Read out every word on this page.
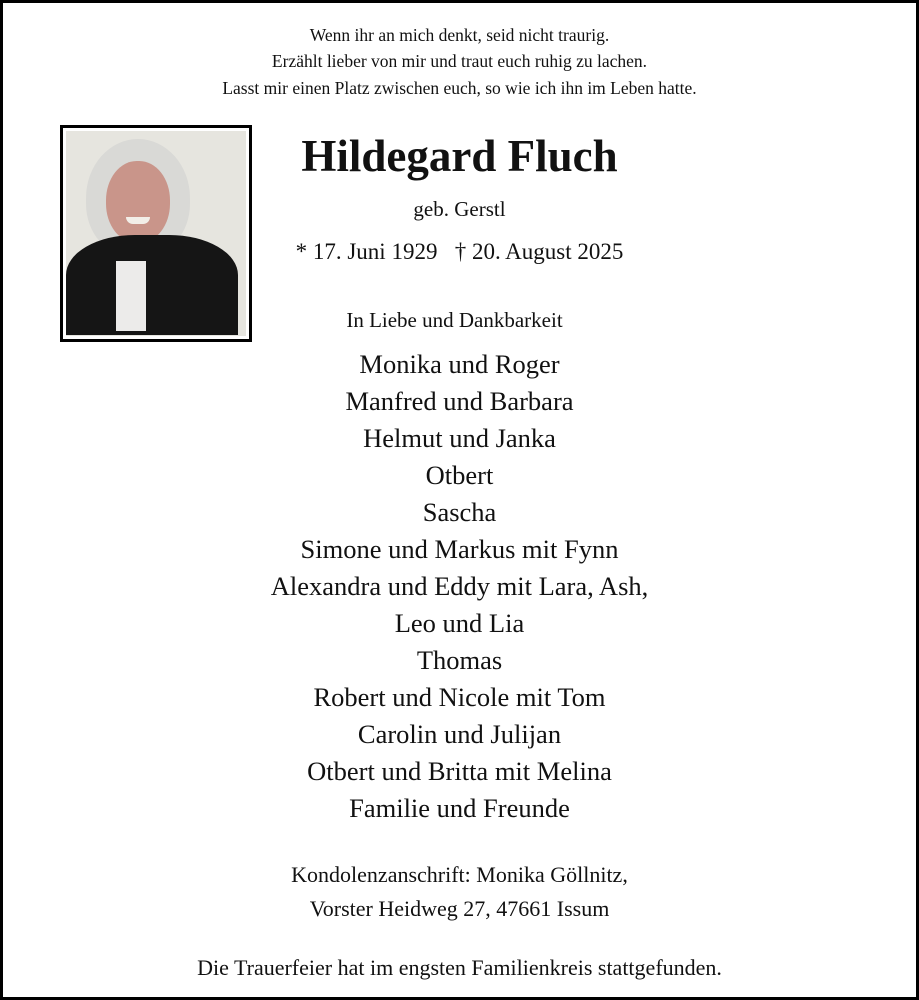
Wenn ihr an mich denkt, seid nicht traurig.
Erzählt lieber von mir und traut euch ruhig zu lachen.
Lasst mir einen Platz zwischen euch, so wie ich ihn im Leben hatte.
Hildegard Fluch
geb. Gerstl
* 17. Juni 1929   † 20. August 2025
In Liebe und Dankbarkeit
Kondolenzanschrift: Monika Göllnitz,
Vorster Heidweg 27, 47661 Issum
Die Trauerfeier hat im engsten Familienkreis stattgefunden.
Monika und Roger
Manfred und Barbara
Helmut und Janka
Otbert
Sascha
Simone und Markus mit Fynn
Alexandra und Eddy mit Lara, Ash,
Leo und Lia
Thomas
Robert und Nicole mit Tom
Carolin und Julijan
Otbert und Britta mit Melina
Familie und Freunde
